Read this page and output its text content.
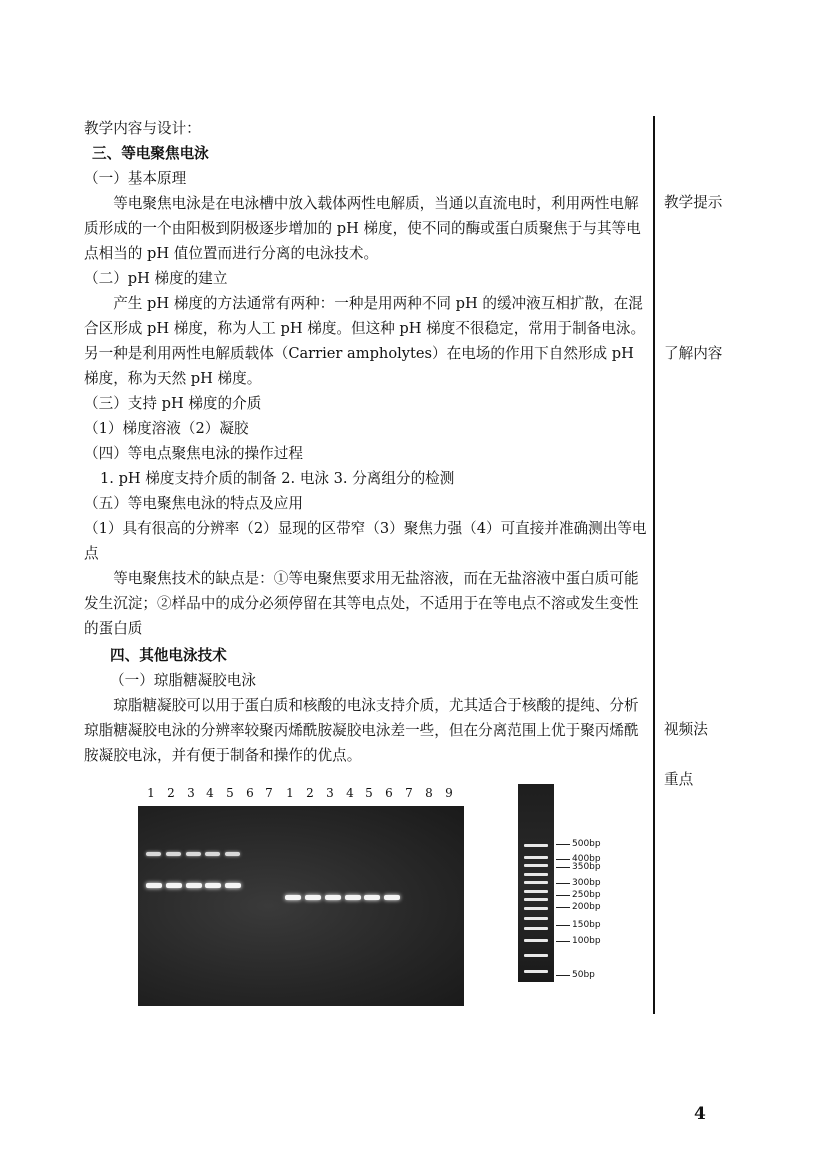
教学内容与设计：

三、等电聚焦电泳

（一）基本原理

等电聚焦电泳是在电泳槽中放入载体两性电解质，当通以直流电时，利用两性电解质形成的一个由阳极到阴极逐步增加的 pH 梯度，使不同的酶或蛋白质聚焦于与其等电点相当的 pH 值位置而进行分离的电泳技术。

（二）pH 梯度的建立

产生 pH 梯度的方法通常有两种：一种是用两种不同 pH 的缓冲液互相扩散，在混合区形成 pH 梯度，称为人工 pH 梯度。但这种 pH 梯度不很稳定，常用于制备电泳。另一种是利用两性电解质载体（Carrier ampholytes）在电场的作用下自然形成 pH 梯度，称为天然 pH 梯度。

（三）支持 pH 梯度的介质

（1）梯度溶液（2）凝胶

（四）等电点聚焦电泳的操作过程

1. pH 梯度支持介质的制备 2. 电泳 3. 分离组分的检测

（五）等电聚焦电泳的特点及应用

（1）具有很高的分辨率（2）显现的区带窄（3）聚焦力强（4）可直接并准确测出等电点

等电聚焦技术的缺点是：①等电聚焦要求用无盐溶液，而在无盐溶液中蛋白质可能发生沉淀；②样品中的成分必须停留在其等电点处，不适用于在等电点不溶或发生变性的蛋白质

四、其他电泳技术

（一）琼脂糖凝胶电泳

琼脂糖凝胶可以用于蛋白质和核酸的电泳支持介质，尤其适合于核酸的提纯、分析琼脂糖凝胶电泳的分辨率较聚丙烯酰胺凝胶电泳差一些，但在分离范围上优于聚丙烯酰胺凝胶电泳，并有便于制备和操作的优点。

教学提示
了解内容
视频法
重点
1 2 3 4 5 6 7 1 2 3 4 5 6 7 8 9
500bp
400bp
350bp
300bp
250bp
200bp
150bp
100bp
50bp
4
